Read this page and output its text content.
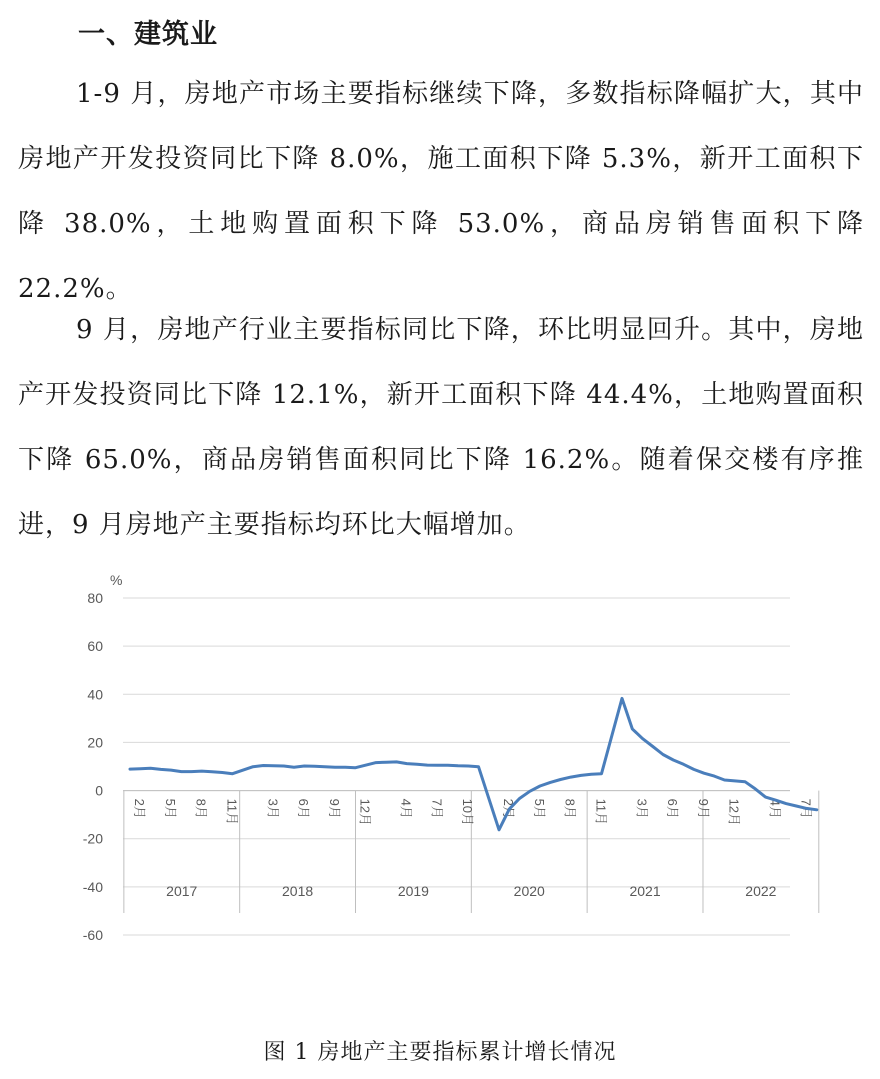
一、建筑业

1-9 月，房地产市场主要指标继续下降，多数指标降幅扩大，其中房地产开发投资同比下降 8.0%，施工面积下降 5.3%，新开工面积下降 38.0%，土地购置面积下降 53.0%，商品房销售面积下降 22.2%。

9 月，房地产行业主要指标同比下降，环比明显回升。其中，房地产开发投资同比下降 12.1%，新开工面积下降 44.4%，土地购置面积下降 65.0%，商品房销售面积同比下降 16.2%。随着保交楼有序推进，9 月房地产主要指标均环比大幅增加。

80
60
40
20
0
-20
-40
-60
%
2017	2018	2019	2020	2021	2022
2月 5月 8月 11月 3月 6月 9月 12月 4月 7月 10月 2月 5月 8月 11月 3月 6月 9月 12月 4月 7月
图 1 房地产主要指标累计增长情况
